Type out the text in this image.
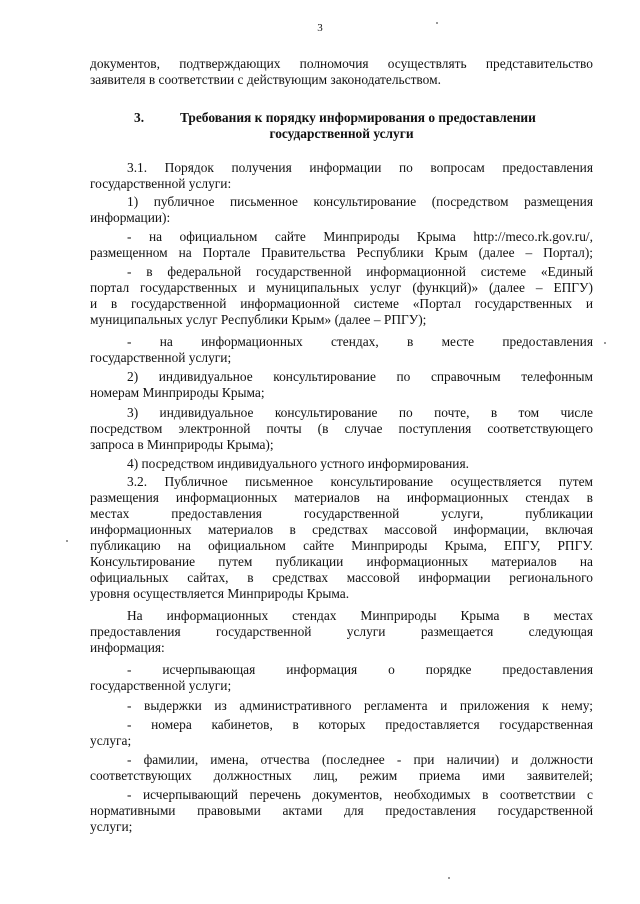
3
документов, подтверждающих полномочия осуществлять представительство
заявителя в соответствии с действующим законодательством.
3.	Требования к порядку информирования о предоставлении
государственной услуги
3.1. Порядок получения информации по вопросам предоставления
государственной услуги:
1) публичное письменное консультирование (посредством размещения
информации):
- на официальном сайте Минприроды Крыма http://meco.rk.gov.ru/,
размещенном на Портале Правительства Республики Крым (далее – Портал);
- в федеральной государственной информационной системе «Единый
портал государственных и муниципальных услуг (функций)» (далее – ЕПГУ)
и в государственной информационной системе «Портал государственных и
муниципальных услуг Республики Крым» (далее – РПГУ);
- на информационных стендах, в месте предоставления
государственной услуги;
2) индивидуальное консультирование по справочным телефонным
номерам Минприроды Крыма;
3) индивидуальное консультирование по почте, в том числе
посредством электронной почты (в случае поступления соответствующего
запроса в Минприроды Крыма);
4) посредством индивидуального устного информирования.
3.2. Публичное письменное консультирование осуществляется путем
размещения информационных материалов на информационных стендах в
местах предоставления государственной услуги, публикации
информационных материалов в средствах массовой информации, включая
публикацию на официальном сайте Минприроды Крыма, ЕПГУ, РПГУ.
Консультирование путем публикации информационных материалов на
официальных сайтах, в средствах массовой информации регионального
уровня осуществляется Минприроды Крыма.
На информационных стендах Минприроды Крыма в местах
предоставления государственной услуги размещается следующая
информация:
- исчерпывающая информация о порядке предоставления
государственной услуги;
- выдержки из административного регламента и приложения к нему;
- номера кабинетов, в которых предоставляется государственная
услуга;
- фамилии, имена, отчества (последнее - при наличии) и должности
соответствующих должностных лиц, режим приема ими заявителей;
- исчерпывающий перечень документов, необходимых в соответствии с
нормативными правовыми актами для предоставления государственной
услуги;
